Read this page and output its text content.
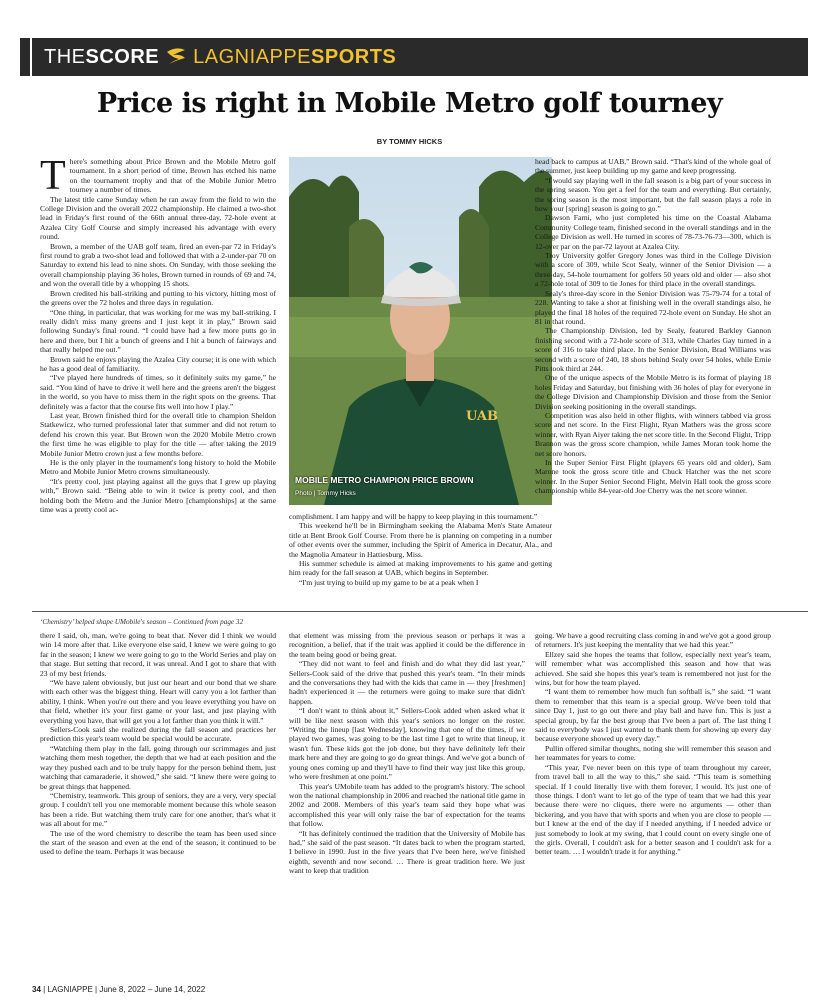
THE SCORE LAGNIAPPE SPORTS
Price is right in Mobile Metro golf tourney
BY TOMMY HICKS

There's something about Price Brown and the Mobile Metro golf tournament. In a short period of time, Brown has etched his name on the tournament trophy and that of the Mobile Junior Metro tourney a number of times.

The latest title came Sunday when he ran away from the field to win the College Division and the overall 2022 championship. He claimed a two-shot lead in Friday's first round of the 66th annual three-day, 72-hole event at Azalea City Golf Course and simply increased his advantage with every round.

Brown, a member of the UAB golf team, fired an even-par 72 in Friday's first round to grab a two-shot lead and followed that with a 2-under-par 70 on Saturday to extend his lead to nine shots. On Sunday, with those seeking the overall championship playing 36 holes, Brown turned in rounds of 69 and 74, and won the overall title by a whopping 15 shots.

Brown credited his ball-striking and putting to his victory, hitting most of the greens over the 72 holes and three days in regulation.

“One thing, in particular, that was working for me was my ball-striking. I really didn't miss many greens and I just kept it in play,” Brown said following Sunday's final round. “I could have had a few more putts go in here and there, but I hit a bunch of greens and I hit a bunch of fairways and that really helped me out.”

Brown said he enjoys playing the Azalea City course; it is one with which he has a good deal of familiarity.

“I've played here hundreds of times, so it definitely suits my game,” he said. “You kind of have to drive it well here and the greens aren't the biggest in the world, so you have to miss them in the right spots on the greens. That definitely was a factor that the course fits well into how I play.”

Last year, Brown finished third for the overall title to champion Sheldon Statkewicz, who turned professional later that summer and did not return to defend his crown this year. But Brown won the 2020 Mobile Metro crown the first time he was eligible to play for the title — after taking the 2019 Mobile Junior Metro crown just a few months before.

He is the only player in the tournament's long history to hold the Mobile Metro and Mobile Junior Metro crowns simultaneously.

“It's pretty cool, just playing against all the guys that I grew up playing with,” Brown said. “Being able to win it twice is pretty cool, and then holding both the Metro and the Junior Metro [championships] at the same time was a pretty cool ac-

UAB
MOBILE METRO CHAMPION PRICE BROWN
Photo | Tommy Hicks

complishment. I am happy and will be happy to keep playing in this tournament.”

This weekend he'll be in Birmingham seeking the Alabama Men's State Amateur title at Bent Brook Golf Course. From there he is planning on competing in a number of other events over the summer, including the Spirit of America in Decatur, Ala., and the Magnolia Amateur in Hattiesburg, Miss.

His summer schedule is aimed at making improvements to his game and getting him ready for the fall season at UAB, which begins in September.

“I'm just trying to build up my game to be at a peak when I

head back to campus at UAB,” Brown said. “That's kind of the whole goal of the summer, just keep building up my game and keep progressing.

“I would say playing well in the fall season is a big part of your success in the spring season. You get a feel for the team and everything. But certainly, the spring season is the most important, but the fall season plays a role in how your [spring] season is going to go.”

Dawson Farni, who just completed his time on the Coastal Alabama Community College team, finished second in the overall standings and in the College Division as well. He turned in scores of 78-73-76-73—300, which is 12-over par on the par-72 layout at Azalea City.

Troy University golfer Gregory Jones was third in the College Division with a score of 309, while Scot Sealy, winner of the Senior Division — a three-day, 54-hole tournament for golfers 50 years old and older — also shot a 72-hole total of 309 to tie Jones for third place in the overall standings.

Sealy's three-day score in the Senior Division was 75-79-74 for a total of 228. Wanting to take a shot at finishing well in the overall standings also, he played the final 18 holes of the required 72-hole event on Sunday. He shot an 81 in that round.

The Championship Division, led by Sealy, featured Barkley Gannon finishing second with a 72-hole score of 313, while Charles Gay turned in a score of 316 to take third place. In the Senior Division, Brad Williams was second with a score of 240, 18 shots behind Sealy over 54 holes, while Ernie Pitts took third at 244.

One of the unique aspects of the Mobile Metro is its format of playing 18 holes Friday and Saturday, but finishing with 36 holes of play for everyone in the College Division and Championship Division and those from the Senior Division seeking positioning in the overall standings.

Competition was also held in other flights, with winners tabbed via gross score and net score. In the First Flight, Ryan Mathers was the gross score winner, with Ryan Aiyer taking the net score title. In the Second Flight, Tripp Brannon was the gross score champion, while James Moran took home the net score honors.

In the Super Senior First Flight (players 65 years old and older), Sam Marone took the gross score title and Chuck Hatcher was the net score winner. In the Super Senior Second Flight, Melvin Hall took the gross score championship while 84-year-old Joe Cherry was the net score winner.

‘Chemistry’ helped shape UMobile's season – Continued from page 32

there I said, oh, man, we're going to beat that. Never did I think we would win 14 more after that. Like everyone else said, I knew we were going to go far in the season; I knew we were going to go to the World Series and play on that stage. But setting that record, it was unreal. And I got to share that with 23 of my best friends.

“We have talent obviously, but just our heart and our bond that we share with each other was the biggest thing. Heart will carry you a lot farther than ability, I think. When you're out there and you leave everything you have on that field, whether it's your first game or your last, and just playing with everything you have, that will get you a lot farther than you think it will.”

Sellers-Cook said she realized during the fall season and practices her prediction this year's team would be special would be accurate.

“Watching them play in the fall, going through our scrimmages and just watching them mesh together, the depth that we had at each position and the way they pushed each and to be truly happy for the person behind them, just watching that camaraderie, it showed,” she said. “I knew there were going to be great things that happened.

“Chemistry, teamwork. This group of seniors, they are a very, very special group. I couldn't tell you one memorable moment because this whole season has been a ride. But watching them truly care for one another, that's what it was all about for me.”

The use of the word chemistry to describe the team has been used since the start of the season and even at the end of the season, it continued to be used to define the team. Perhaps it was because

that element was missing from the previous season or perhaps it was a recognition, a belief, that if the trait was applied it could be the difference in the team being good or being great.

“They did not want to feel and finish and do what they did last year,” Sellers-Cook said of the drive that pushed this year's team. “In their minds and the conversations they had with the kids that came in — they [freshmen] hadn't experienced it — the returners were going to make sure that didn't happen.

“I don't want to think about it,” Sellers-Cook added when asked what it will be like next season with this year's seniors no longer on the roster. “Writing the lineup [last Wednesday], knowing that one of the times, if we played two games, was going to be the last time I get to write that lineup, it wasn't fun. These kids got the job done, but they have definitely left their mark here and they are going to go do great things. And we've got a bunch of young ones coming up and they'll have to find their way just like this group, who were freshmen at one point.”

This year's UMobile team has added to the program's history. The school won the national championship in 2006 and reached the national title game in 2002 and 2008. Members of this year's team said they hope what was accomplished this year will only raise the bar of expectation for the teams that follow.

“It has definitely continued the tradition that the University of Mobile has had,” she said of the past season. “It dates back to when the program started, I believe in 1990. Just in the five years that I've been here, we've finished eighth, seventh and now second. … There is great tradition here. We just want to keep that tradition

going. We have a good recruiting class coming in and we've got a good group of returners. It's just keeping the mentality that we had this year.”

Ellzey said she hopes the teams that follow, especially next year's team, will remember what was accomplished this season and how that was achieved. She said she hopes this year's team is remembered not just for the wins, but for how the team played.

“I want them to remember how much fun softball is,” she said. “I want them to remember that this team is a special group. We've been told that since Day 1, just to go out there and play ball and have fun. This is just a special group, by far the best group that I've been a part of. The last thing I said to everybody was I just wanted to thank them for showing up every day because everyone showed up every day.”

Pullin offered similar thoughts, noting she will remember this season and her teammates for years to come.

“This year, I've never been on this type of team throughout my career, from travel ball to all the way to this,” she said. “This team is something special. If I could literally live with them forever, I would. It's just one of those things. I don't want to let go of the type of team that we had this year because there were no cliques, there were no arguments — other than bickering, and you have that with sports and when you are close to people — but I knew at the end of the day if I needed anything, if I needed advice or just somebody to look at my swing, that I could count on every single one of the girls. Overall, I couldn't ask for a better season and I couldn't ask for a better team. … I wouldn't trade it for anything.”

34 | LAGNIAPPE | June 8, 2022 – June 14, 2022
